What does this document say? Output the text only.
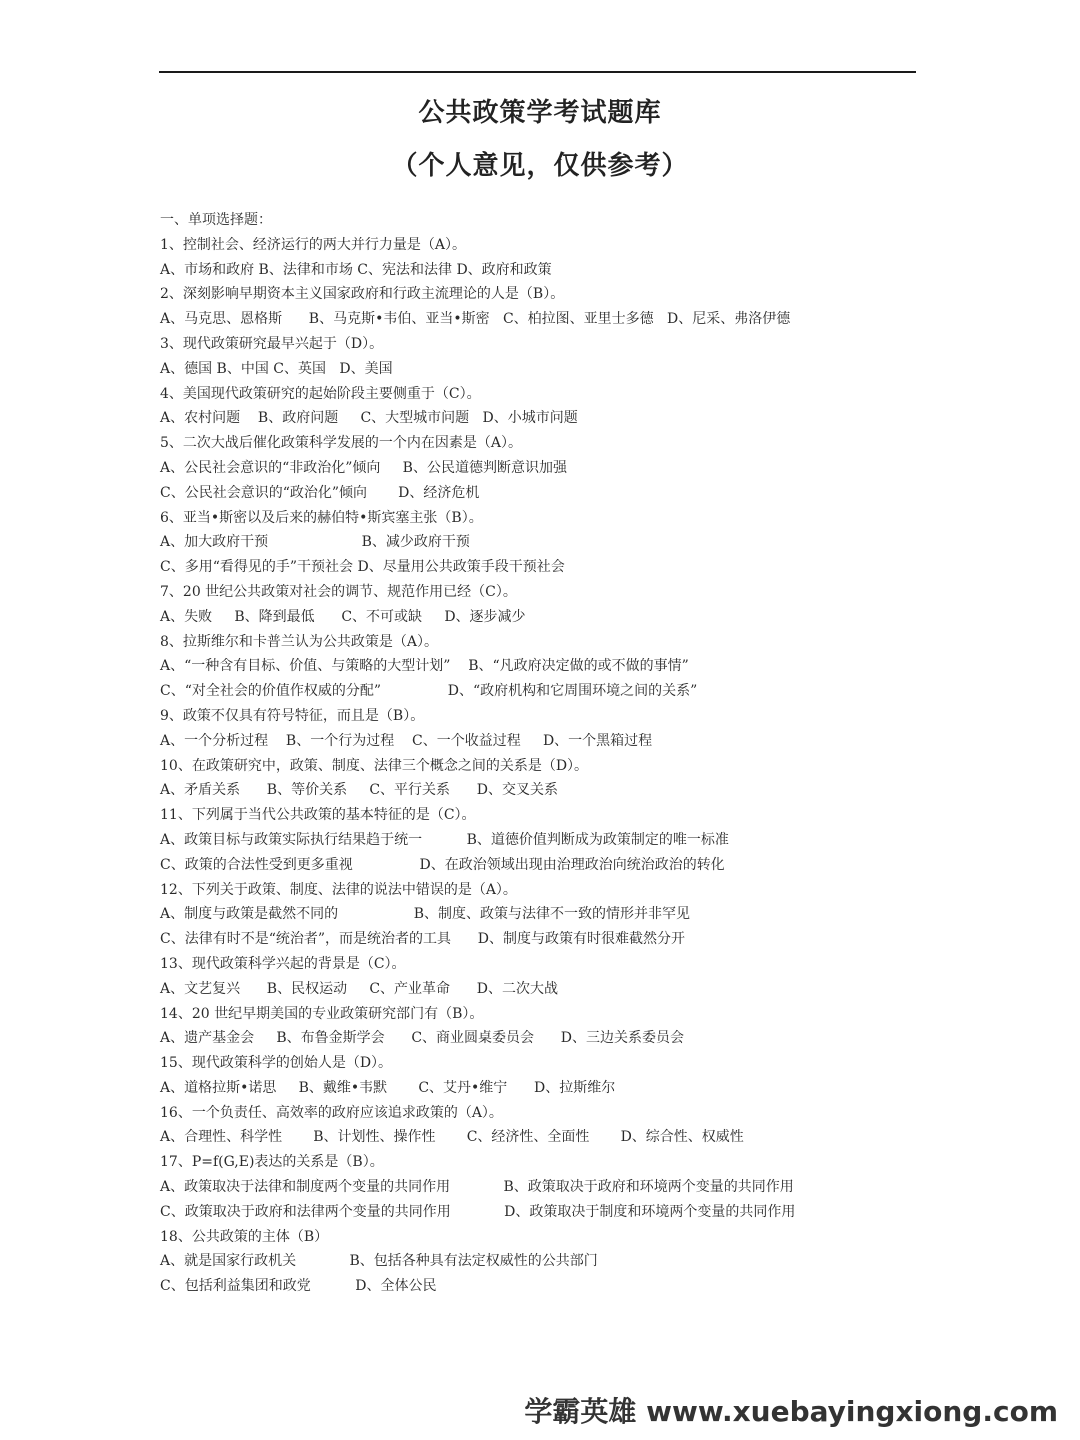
公共政策学考试题库
（个人意见，仅供参考）
一、单项选择题：
1、控制社会、经济运行的两大并行力量是（A）。
A、市场和政府 B、法律和市场 C、宪法和法律 D、政府和政策
2、深刻影响早期资本主义国家政府和行政主流理论的人是（B）。
A、马克思、恩格斯      B、马克斯•韦伯、亚当•斯密   C、柏拉图、亚里士多德   D、尼采、弗洛伊德
3、现代政策研究最早兴起于（D）。
A、德国 B、中国 C、英国   D、美国
4、美国现代政策研究的起始阶段主要侧重于（C）。
A、农村问题    B、政府问题     C、大型城市问题   D、小城市问题
5、二次大战后催化政策科学发展的一个内在因素是（A）。
A、公民社会意识的“非政治化”倾向     B、公民道德判断意识加强
C、公民社会意识的“政治化”倾向       D、经济危机
6、亚当•斯密以及后来的赫伯特•斯宾塞主张（B）。
A、加大政府干预                     B、减少政府干预
C、多用“看得见的手”干预社会 D、尽量用公共政策手段干预社会
7、20 世纪公共政策对社会的调节、规范作用已经（C）。
A、失败     B、降到最低      C、不可或缺     D、逐步减少
8、拉斯维尔和卡普兰认为公共政策是（A）。
A、“一种含有目标、价值、与策略的大型计划”    B、“凡政府决定做的或不做的事情”
C、“对全社会的价值作权威的分配”               D、“政府机构和它周围环境之间的关系”
9、政策不仅具有符号特征，而且是（B）。
A、一个分析过程    B、一个行为过程    C、一个收益过程     D、一个黑箱过程
10、在政策研究中，政策、制度、法律三个概念之间的关系是（D）。
A、矛盾关系      B、等价关系     C、平行关系      D、交叉关系
11、下列属于当代公共政策的基本特征的是（C）。
A、政策目标与政策实际执行结果趋于统一          B、道德价值判断成为政策制定的唯一标准
C、政策的合法性受到更多重视               D、在政治领域出现由治理政治向统治政治的转化
12、下列关于政策、制度、法律的说法中错误的是（A）。
A、制度与政策是截然不同的                 B、制度、政策与法律不一致的情形并非罕见
C、法律有时不是“统治者”，而是统治者的工具      D、制度与政策有时很难截然分开
13、现代政策科学兴起的背景是（C）。
A、文艺复兴      B、民权运动     C、产业革命      D、二次大战
14、20 世纪早期美国的专业政策研究部门有（B）。
A、遗产基金会     B、布鲁金斯学会      C、商业圆桌委员会      D、三边关系委员会
15、现代政策科学的创始人是（D）。
A、道格拉斯•诺思     B、戴维•韦默       C、艾丹•维宁      D、拉斯维尔
16、一个负责任、高效率的政府应该追求政策的（A）。
A、合理性、科学性       B、计划性、操作性       C、经济性、全面性       D、综合性、权威性
17、P=f(G,E)表达的关系是（B）。
A、政策取决于法律和制度两个变量的共同作用            B、政策取决于政府和环境两个变量的共同作用
C、政策取决于政府和法律两个变量的共同作用            D、政策取决于制度和环境两个变量的共同作用
18、公共政策的主体（B）
A、就是国家行政机关            B、包括各种具有法定权威性的公共部门
C、包括利益集团和政党          D、全体公民
学霸英雄 www.xuebayingxiong.com
